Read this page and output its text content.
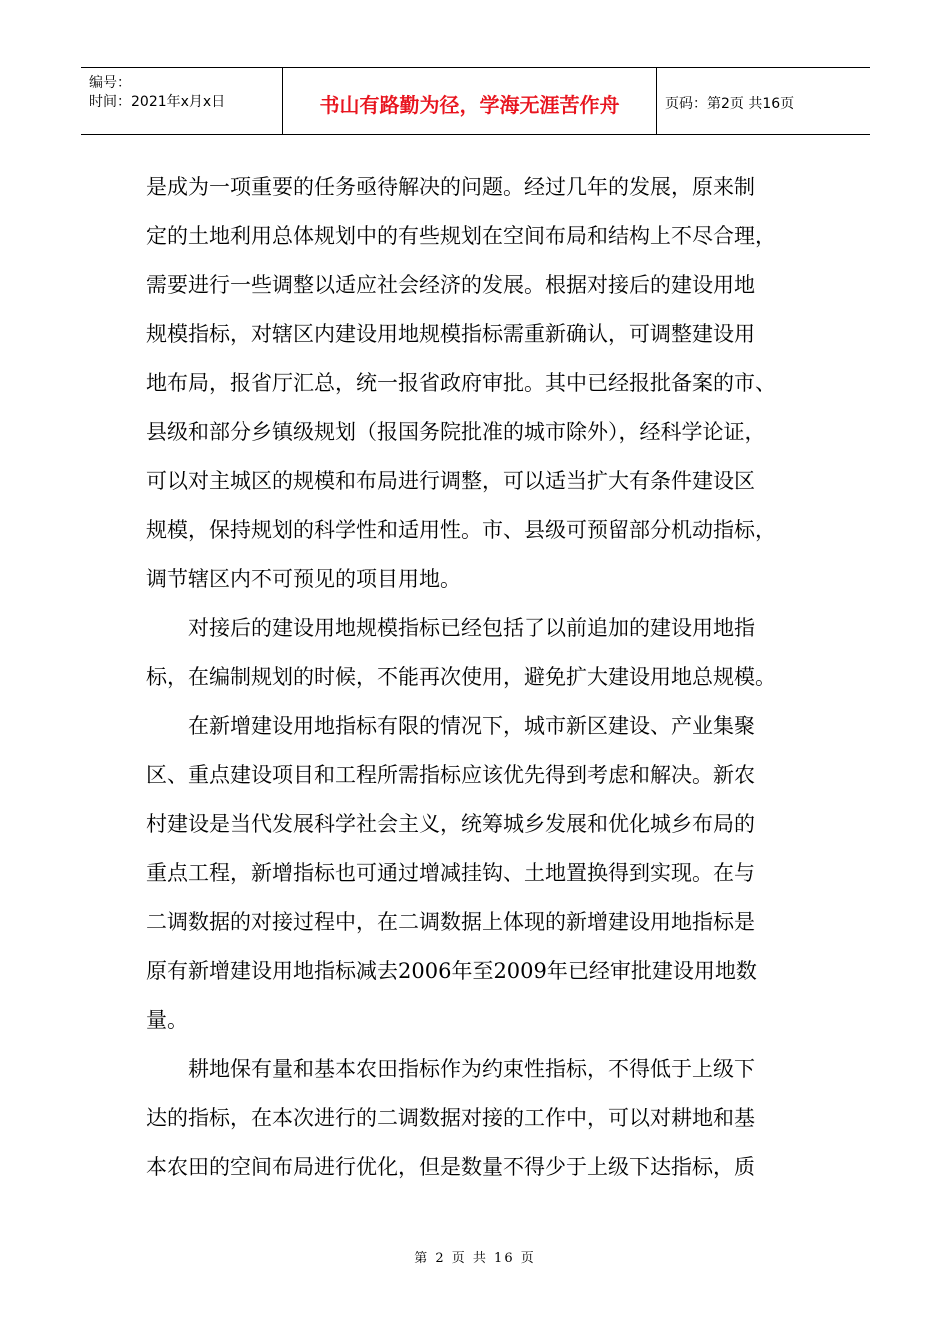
编号：
时间：2021年x月x日	书山有路勤为径，学海无涯苦作舟	页码：第2页 共16页

是成为一项重要的任务亟待解决的问题。经过几年的发展，原来制

定的土地利用总体规划中的有些规划在空间布局和结构上不尽合理，

需要进行一些调整以适应社会经济的发展。根据对接后的建设用地

规模指标，对辖区内建设用地规模指标需重新确认，可调整建设用

地布局，报省厅汇总，统一报省政府审批。其中已经报批备案的市、

县级和部分乡镇级规划（报国务院批准的城市除外），经科学论证，

可以对主城区的规模和布局进行调整，可以适当扩大有条件建设区

规模，保持规划的科学性和适用性。市、县级可预留部分机动指标，

调节辖区内不可预见的项目用地。

对接后的建设用地规模指标已经包括了以前追加的建设用地指

标，在编制规划的时候，不能再次使用，避免扩大建设用地总规模。

在新增建设用地指标有限的情况下，城市新区建设、产业集聚

区、重点建设项目和工程所需指标应该优先得到考虑和解决。新农

村建设是当代发展科学社会主义，统筹城乡发展和优化城乡布局的

重点工程，新增指标也可通过增减挂钩、土地置换得到实现。在与

二调数据的对接过程中，在二调数据上体现的新增建设用地指标是

原有新增建设用地指标减去2006年至2009年已经审批建设用地数

量。

耕地保有量和基本农田指标作为约束性指标，不得低于上级下

达的指标，在本次进行的二调数据对接的工作中，可以对耕地和基

本农田的空间布局进行优化，但是数量不得少于上级下达指标，质

第 2 页 共 16 页
